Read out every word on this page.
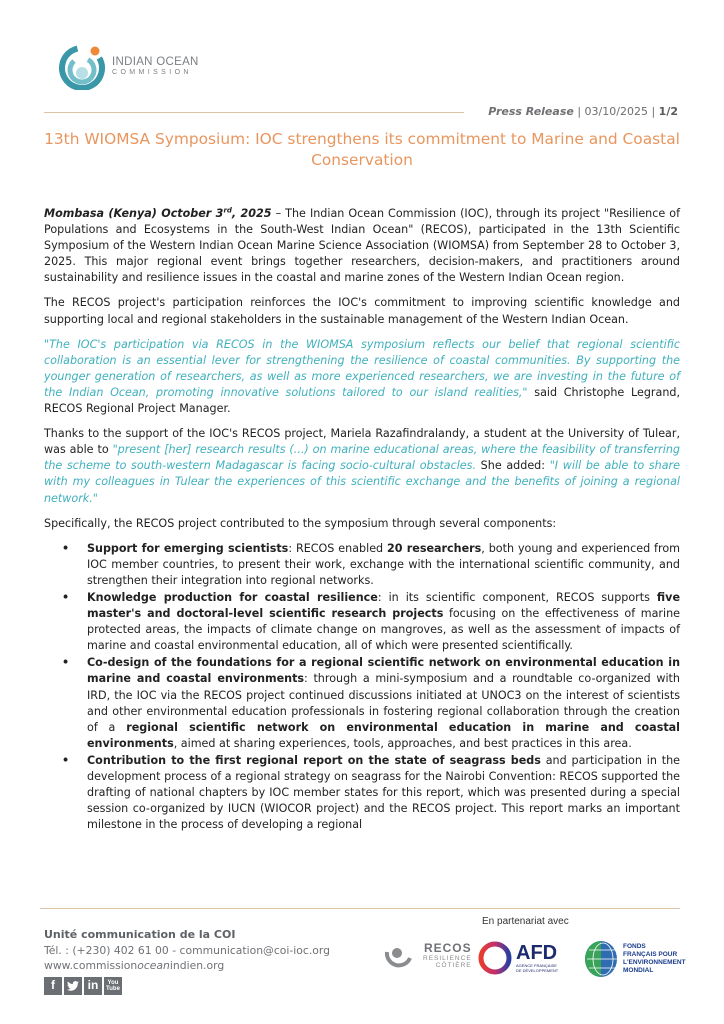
INDIAN OCEAN
COMMISSION
Press Release | 03/10/2025 | 1/2
13th WIOMSA Symposium: IOC strengthens its commitment to Marine and Coastal Conservation

Mombasa (Kenya) October 3rd, 2025 – The Indian Ocean Commission (IOC), through its project "Resilience of Populations and Ecosystems in the South-West Indian Ocean" (RECOS), participated in the 13th Scientific Symposium of the Western Indian Ocean Marine Science Association (WIOMSA) from September 28 to October 3, 2025. This major regional event brings together researchers, decision-makers, and practitioners around sustainability and resilience issues in the coastal and marine zones of the Western Indian Ocean region.

The RECOS project's participation reinforces the IOC's commitment to improving scientific knowledge and supporting local and regional stakeholders in the sustainable management of the Western Indian Ocean.

"The IOC's participation via RECOS in the WIOMSA symposium reflects our belief that regional scientific collaboration is an essential lever for strengthening the resilience of coastal communities. By supporting the younger generation of researchers, as well as more experienced researchers, we are investing in the future of the Indian Ocean, promoting innovative solutions tailored to our island realities," said Christophe Legrand, RECOS Regional Project Manager.

Thanks to the support of the IOC's RECOS project, Mariela Razafindralandy, a student at the University of Tulear, was able to "present [her] research results (...) on marine educational areas, where the feasibility of transferring the scheme to south-western Madagascar is facing socio-cultural obstacles. She added: "I will be able to share with my colleagues in Tulear the experiences of this scientific exchange and the benefits of joining a regional network."

Specifically, the RECOS project contributed to the symposium through several components:

• Support for emerging scientists: RECOS enabled 20 researchers, both young and experienced from IOC member countries, to present their work, exchange with the international scientific community, and strengthen their integration into regional networks.
• Knowledge production for coastal resilience: in its scientific component, RECOS supports five master's and doctoral-level scientific research projects focusing on the effectiveness of marine protected areas, the impacts of climate change on mangroves, as well as the assessment of impacts of marine and coastal environmental education, all of which were presented scientifically.
• Co-design of the foundations for a regional scientific network on environmental education in marine and coastal environments: through a mini-symposium and a roundtable co-organized with IRD, the IOC via the RECOS project continued discussions initiated at UNOC3 on the interest of scientists and other environmental education professionals in fostering regional collaboration through the creation of a regional scientific network on environmental education in marine and coastal environments, aimed at sharing experiences, tools, approaches, and best practices in this area.
• Contribution to the first regional report on the state of seagrass beds and participation in the development process of a regional strategy on seagrass for the Nairobi Convention: RECOS supported the drafting of national chapters by IOC member states for this report, which was presented during a special session co-organized by IUCN (WIOCOR project) and the RECOS project. This report marks an important milestone in the process of developing a regional
Unité communication de la COI
Tél. : (+230) 402 61 00 - communication@coi-ioc.org
www.commissionoceanindien.org
f	in	You
Tube
En partenariat avec
RECOS
RESILIENCE
CÔTIÈRE
AFD
AGENCE FRANÇAISE
DE DÉVELOPPEMENT
FONDS
FRANÇAIS POUR
L'ENVIRONNEMENT
MONDIAL
